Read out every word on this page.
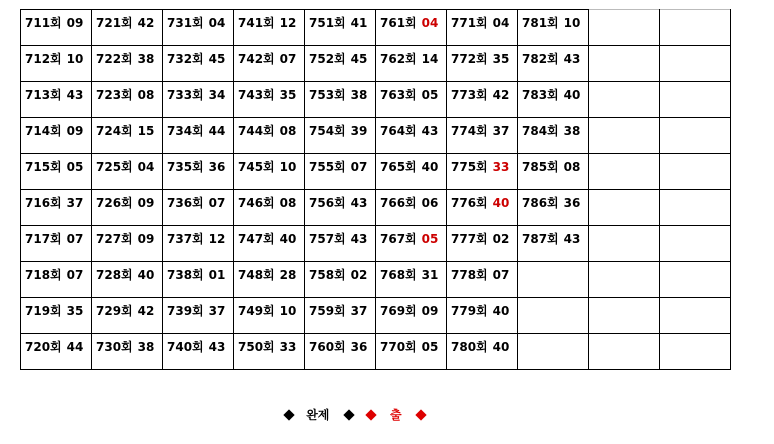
711회 09	721회 42	731회 04	741회 12	751회 41	761회 04	771회 04	781회 10		
712회 10	722회 38	732회 45	742회 07	752회 45	762회 14	772회 35	782회 43		
713회 43	723회 08	733회 34	743회 35	753회 38	763회 05	773회 42	783회 40		
714회 09	724회 15	734회 44	744회 08	754회 39	764회 43	774회 37	784회 38		
715회 05	725회 04	735회 36	745회 10	755회 07	765회 40	775회 33	785회 08		
716회 37	726회 09	736회 07	746회 08	756회 43	766회 06	776회 40	786회 36		
717회 07	727회 09	737회 12	747회 40	757회 43	767회 05	777회 02	787회 43		
718회 07	728회 40	738회 01	748회 28	758회 02	768회 31	778회 07			
719회 35	729회 42	739회 37	749회 10	759회 37	769회 09	779회 40			
720회 44	730회 38	740회 43	750회 33	760회 36	770회 05	780회 40			
완제	출
